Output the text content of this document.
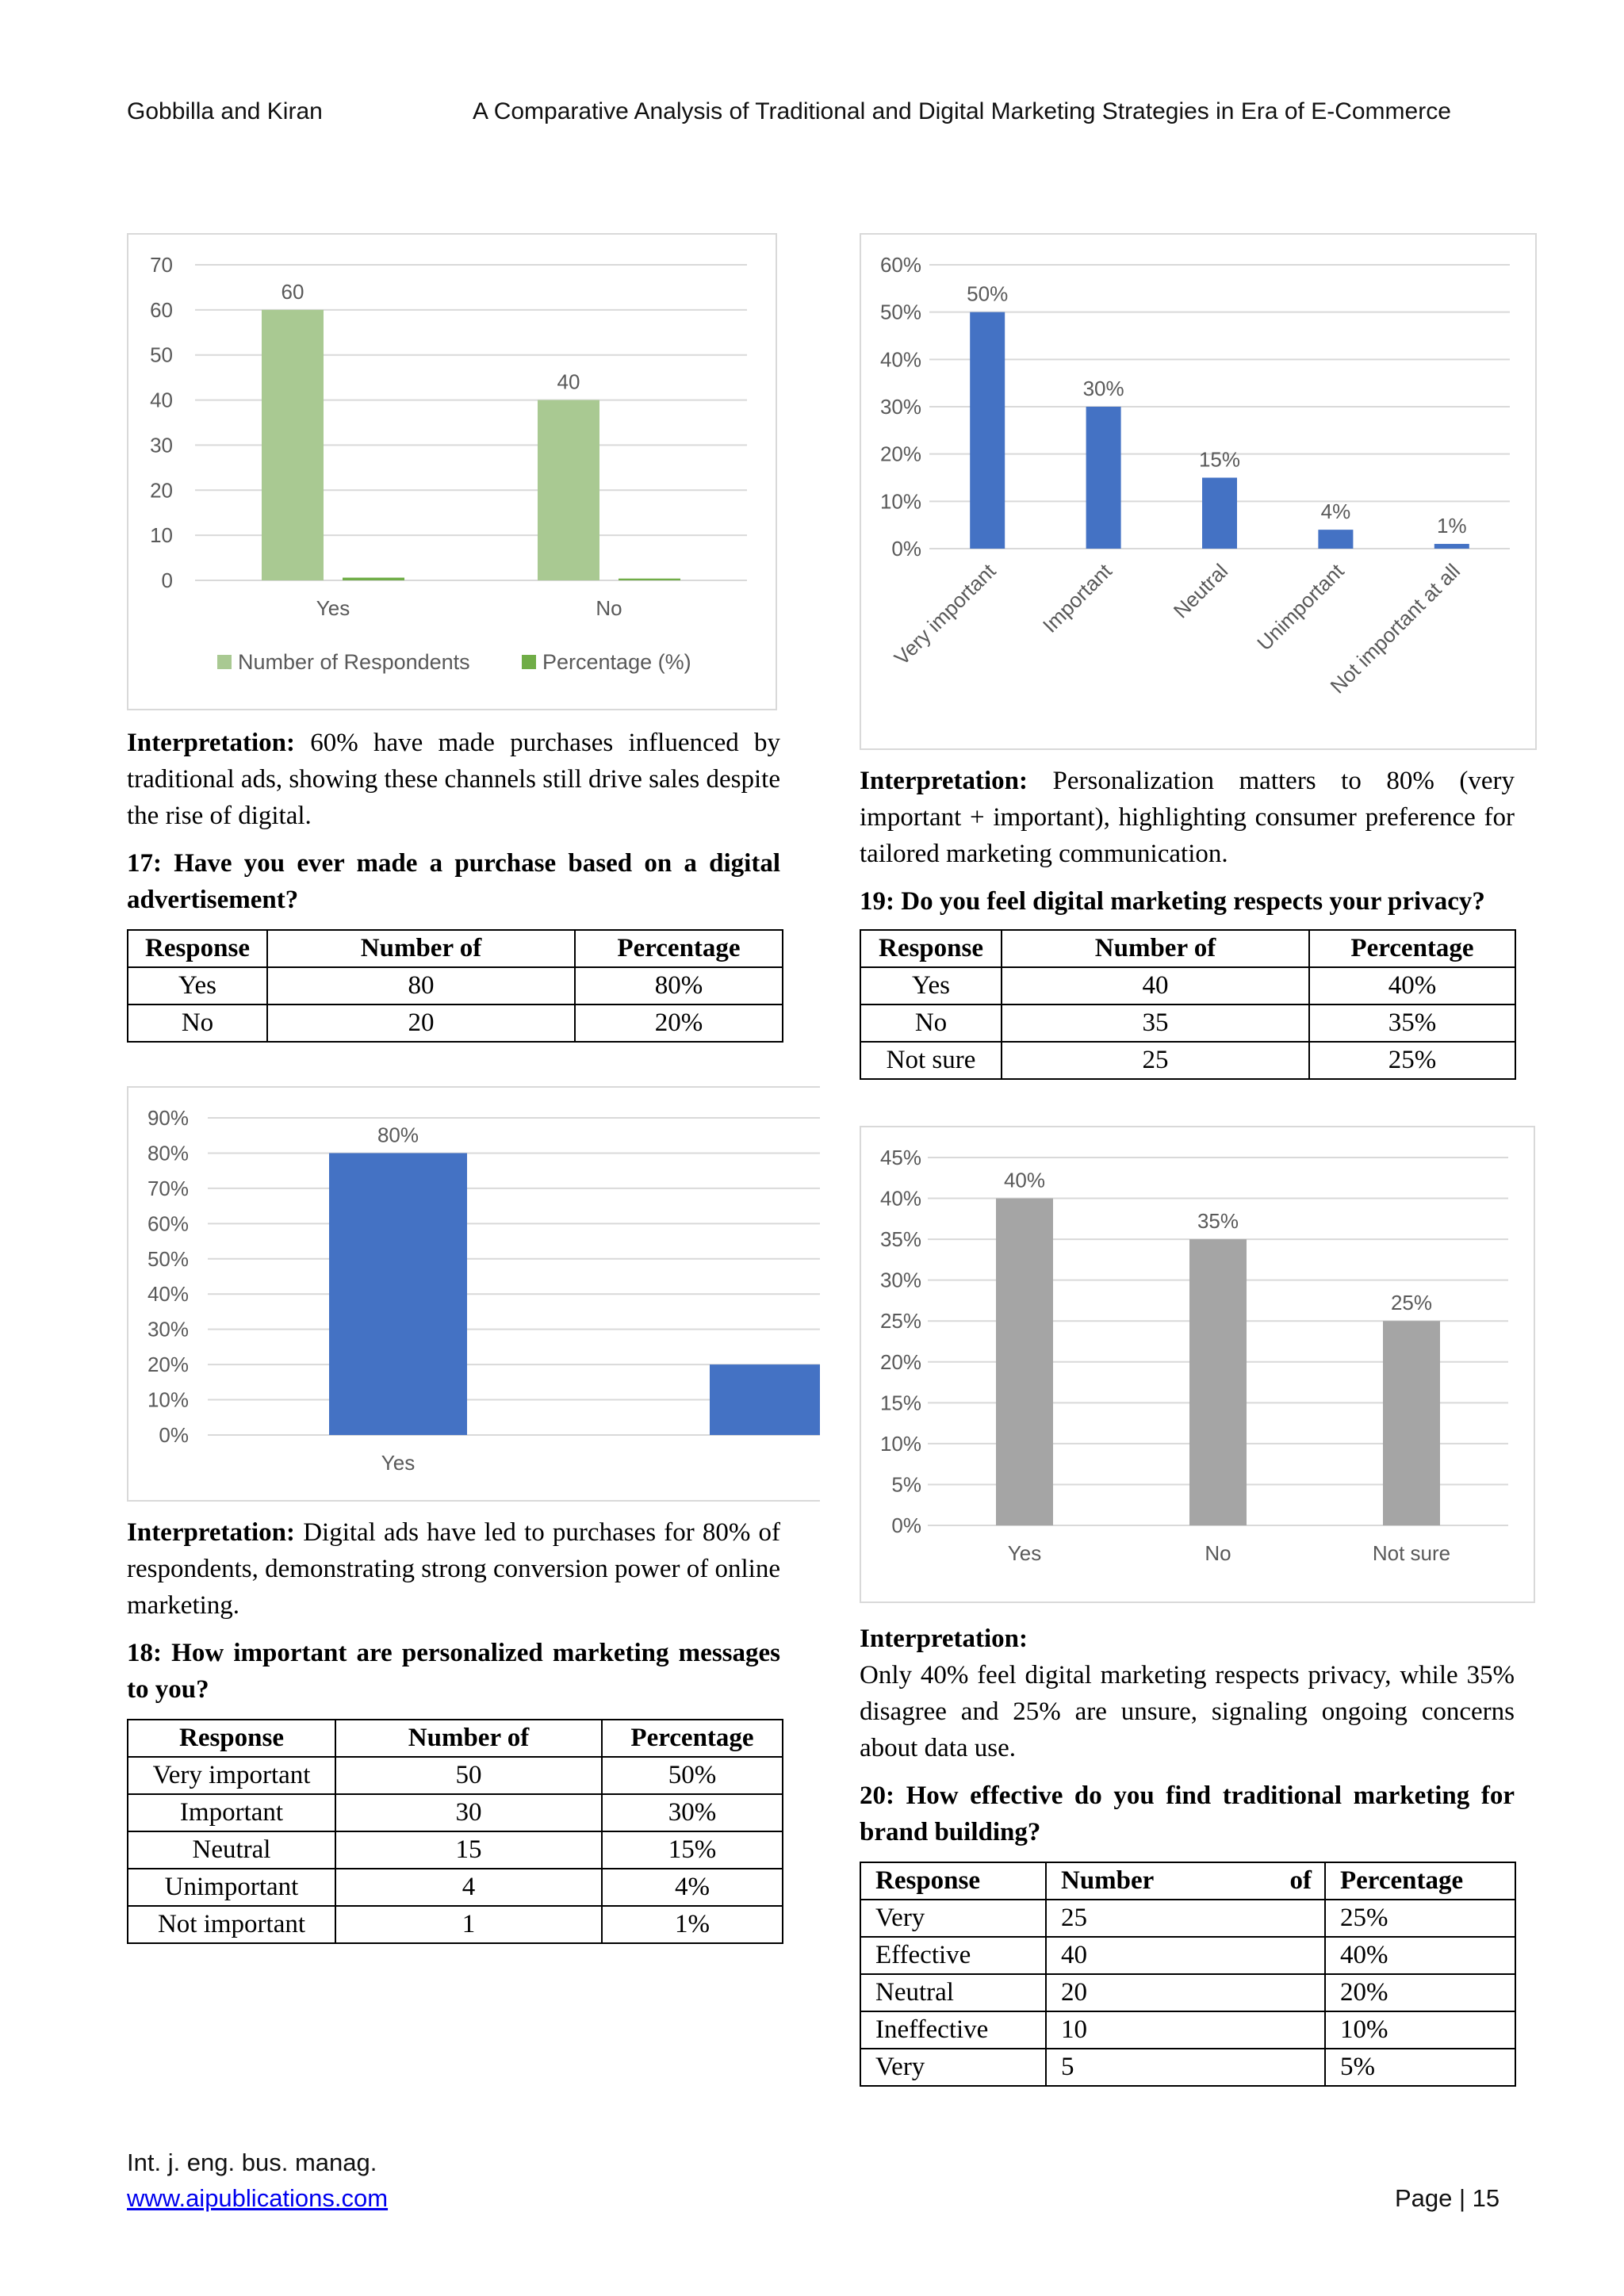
Gobbilla and Kiran	A Comparative Analysis of Traditional and Digital Marketing Strategies in Era of E-Commerce
0
10
20
30
40
50
60
70
60
40
Yes	No
Number of Respondents	Percentage (%)
0%
10%
20%
30%
40%
50%
60%
50%
30%
15%
4%
1%
Very important Important	Neutral Unimportant
Not important at all
Interpretation: 60% have made purchases influenced by traditional ads, showing these channels still drive sales despite the rise of digital.
17: Have you ever made a purchase based on a digital advertisement?
Response	Number of	Percentage
Yes	80	80%
No	20	20%
0%
10%
20%
30%
40%
50%
60%
70%
80%
90%
80%
Yes
Interpretation: Digital ads have led to purchases for 80% of respondents, demonstrating strong conversion power of online marketing.
18: How important are personalized marketing messages to you?
Response	Number of	Percentage
Very important	50	50%
Important	30	30%
Neutral	15	15%
Unimportant	4	4%
Not important	1	1%
Interpretation: Personalization matters to 80% (very important + important), highlighting consumer preference for tailored marketing communication.
19: Do you feel digital marketing respects your privacy?
Response	Number of	Percentage
Yes	40	40%
No	35	35%
Not sure	25	25%
0%
5%
10%
15%
20%
25%
30%
35%
40%
45%
40%
35%
25%
Yes	No	Not sure
Interpretation:
Only 40% feel digital marketing respects privacy, while 35% disagree and 25% are unsure, signaling ongoing concerns about data use.
20: How effective do you find traditional marketing for brand building?
Response	Number of	Percentage
Very	25	25%
Effective	40	40%
Neutral	20	20%
Ineffective	10	10%
Very	5	5%
Int. j. eng. bus. manag.
www.aipublications.com	Page | 15
